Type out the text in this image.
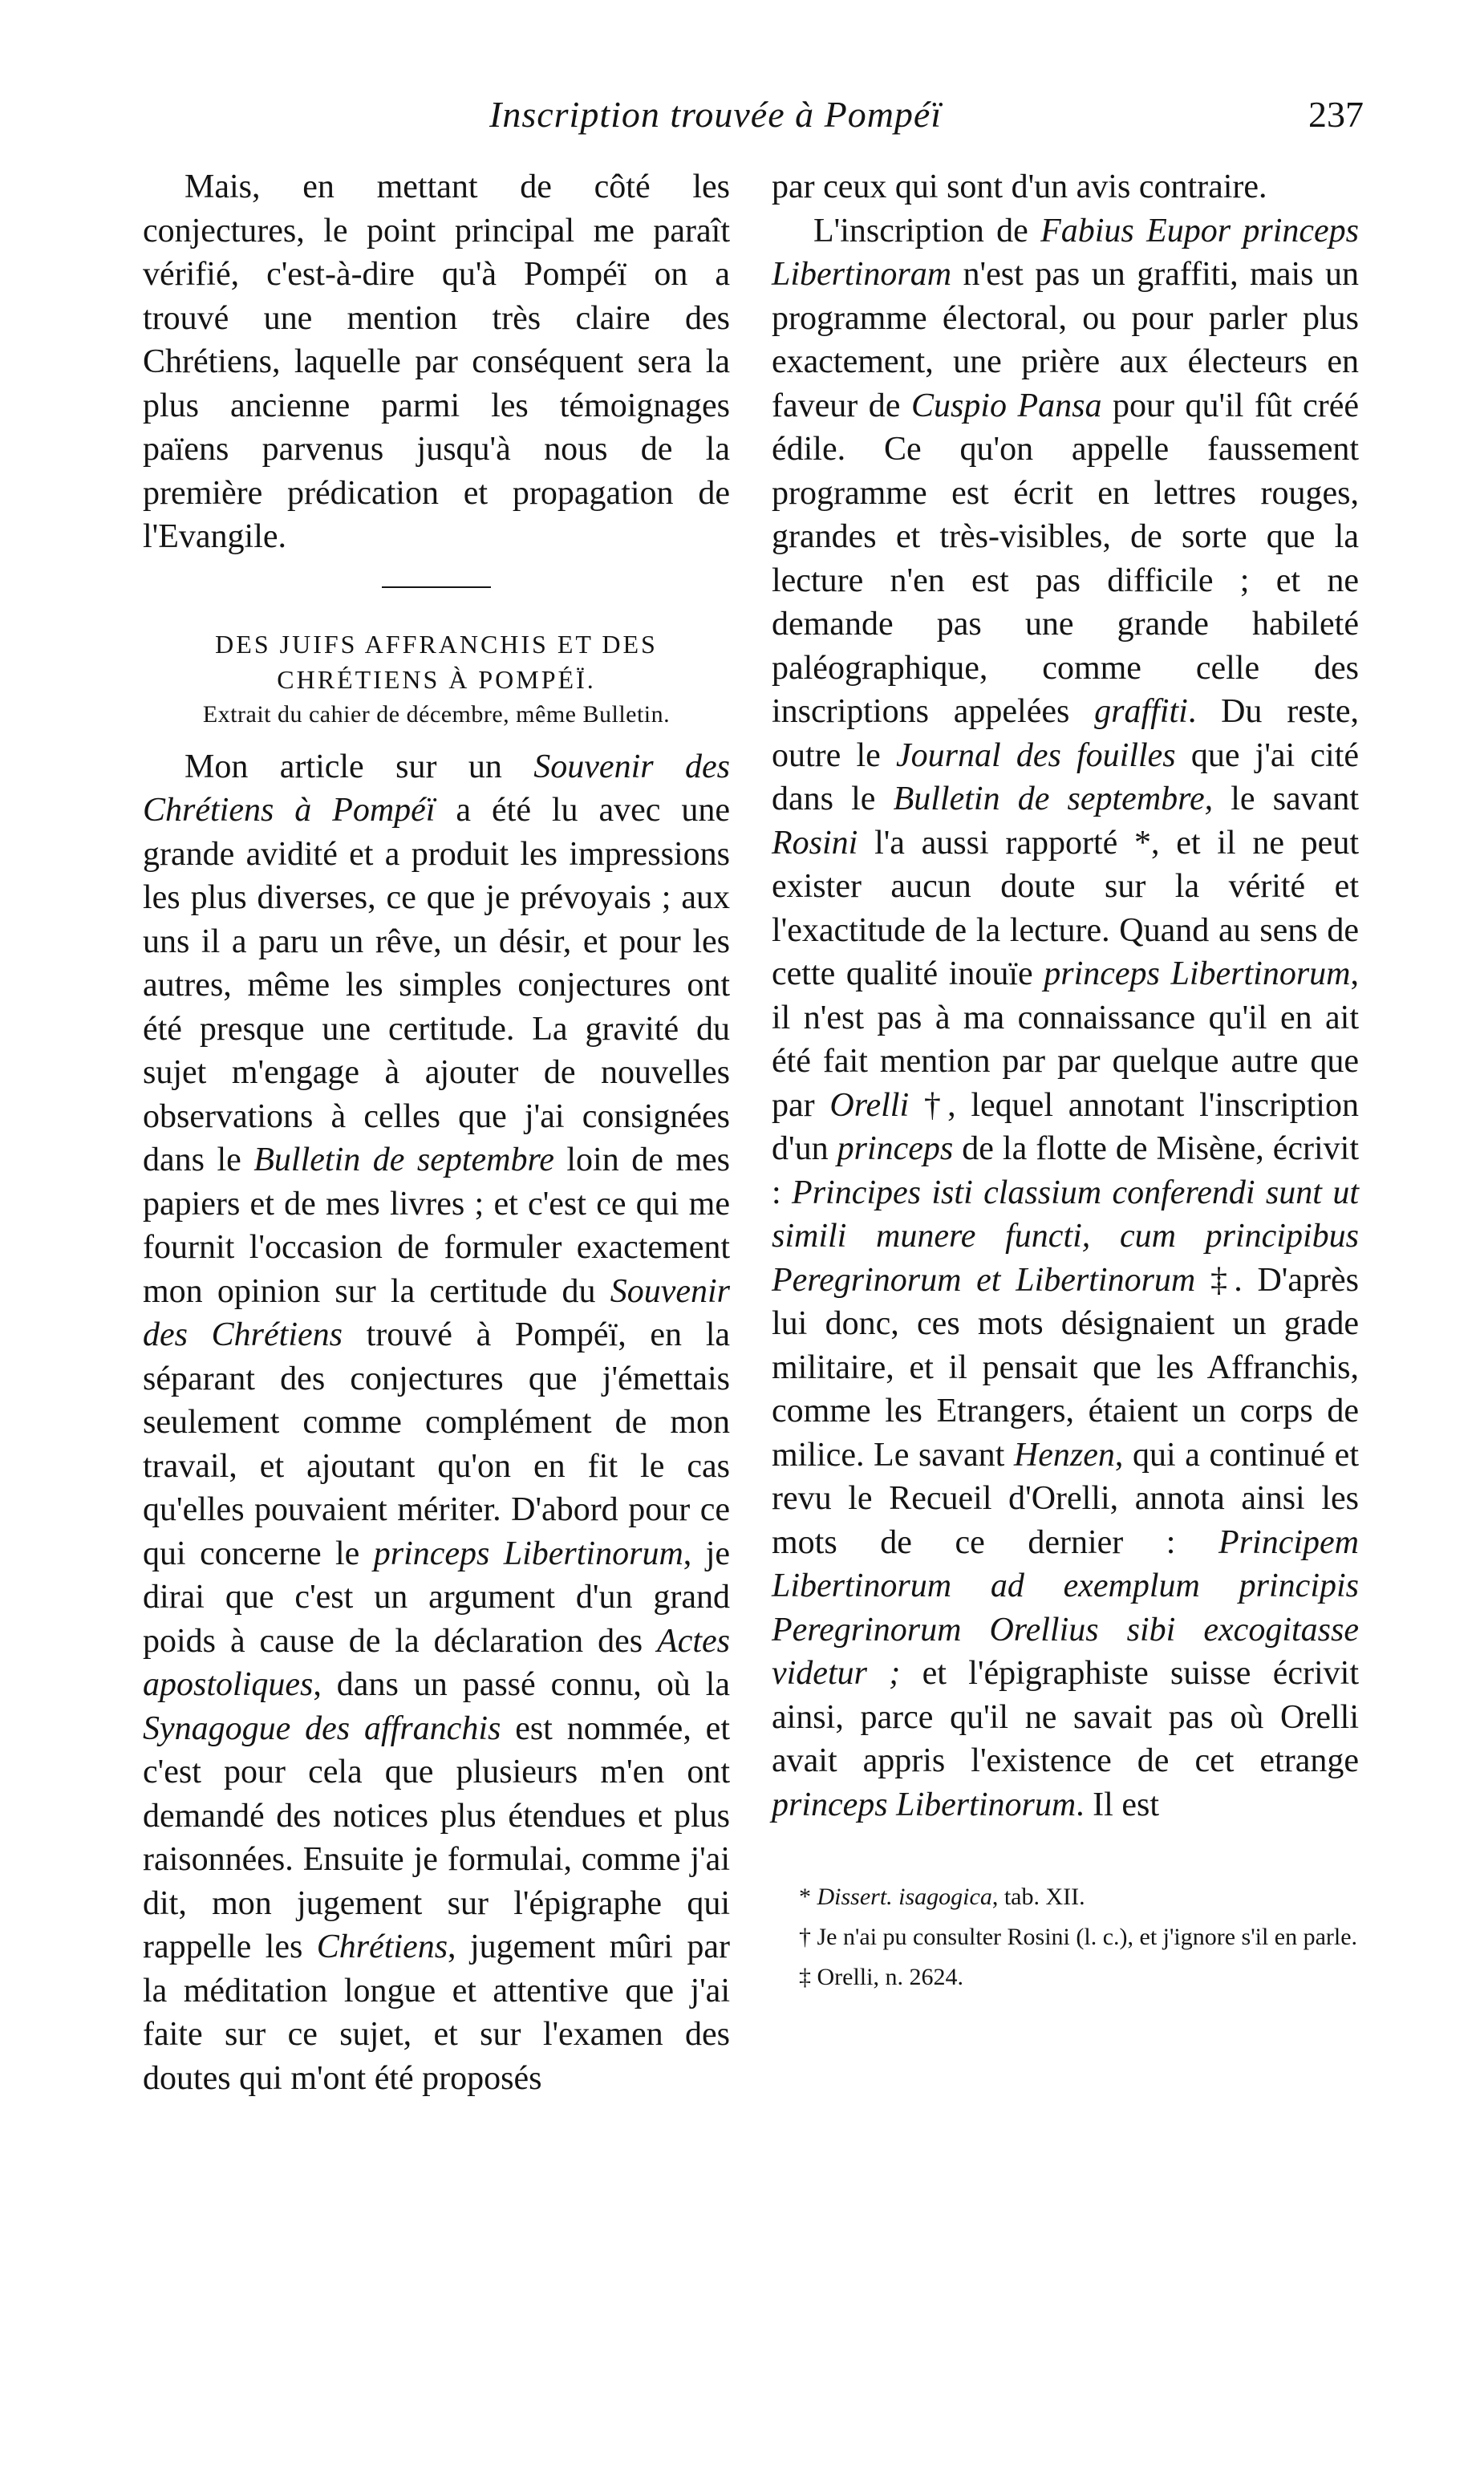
Inscription trouvée à Pompéï	237

Mais, en mettant de côté les conjectures, le point principal me paraît vérifié, c'est-à-dire qu'à Pompéï on a trouvé une mention très claire des Chrétiens, laquelle par conséquent sera la plus ancienne parmi les témoignages païens parvenus jusqu'à nous de la première prédication et propagation de l'Evangile.

DES JUIFS AFFRANCHIS ET DES

CHRÉTIENS À POMPÉÏ.

Extrait du cahier de décembre, même Bulletin.

Mon article sur un Souvenir des Chrétiens à Pompéï a été lu avec une grande avidité et a produit les impressions les plus diverses, ce que je prévoyais ; aux uns il a paru un rêve, un désir, et pour les autres, même les simples conjectures ont été presque une certitude. La gravité du sujet m'engage à ajouter de nouvelles observations à celles que j'ai consignées dans le Bulletin de septembre loin de mes papiers et de mes livres ; et c'est ce qui me fournit l'occasion de formuler exactement mon opinion sur la certitude du Souvenir des Chrétiens trouvé à Pompéï, en la séparant des conjectures que j'émettais seulement comme complément de mon travail, et ajoutant qu'on en fit le cas qu'elles pouvaient mériter. D'abord pour ce qui concerne le princeps Libertinorum, je dirai que c'est un argument d'un grand poids à cause de la déclaration des Actes apostoliques, dans un passé connu, où la Synagogue des affranchis est nommée, et c'est pour cela que plusieurs m'en ont demandé des notices plus étendues et plus raisonnées. Ensuite je formulai, comme j'ai dit, mon jugement sur l'épigraphe qui rappelle les Chrétiens, jugement mûri par la méditation longue et attentive que j'ai faite sur ce sujet, et sur l'examen des doutes qui m'ont été proposés

par ceux qui sont d'un avis contraire.

L'inscription de Fabius Eupor princeps Libertinoram n'est pas un graffiti, mais un programme électoral, ou pour parler plus exactement, une prière aux électeurs en faveur de Cuspio Pansa pour qu'il fût créé édile. Ce qu'on appelle faussement programme est écrit en lettres rouges, grandes et très-visibles, de sorte que la lecture n'en est pas difficile ; et ne demande pas une grande habileté paléographique, comme celle des inscriptions appelées graffiti. Du reste, outre le Journal des fouilles que j'ai cité dans le Bulletin de septembre, le savant Rosini l'a aussi rapporté *, et il ne peut exister aucun doute sur la vérité et l'exactitude de la lecture. Quand au sens de cette qualité inouïe princeps Libertinorum, il n'est pas à ma connaissance qu'il en ait été fait mention par par quelque autre que par Orelli †, lequel annotant l'inscription d'un princeps de la flotte de Misène, écrivit : Principes isti classium conferendi sunt ut simili munere functi, cum principibus Peregrinorum et Libertinorum ‡. D'après lui donc, ces mots désignaient un grade militaire, et il pensait que les Affranchis, comme les Etrangers, étaient un corps de milice. Le savant Henzen, qui a continué et revu le Recueil d'Orelli, annota ainsi les mots de ce dernier : Principem Libertinorum ad exemplum principis Peregrinorum Orellius sibi excogitasse videtur ; et l'épigraphiste suisse écrivit ainsi, parce qu'il ne savait pas où Orelli avait appris l'existence de cet etrange princeps Libertinorum. Il est

* Dissert. isagogica, tab. XII.

† Je n'ai pu consulter Rosini (l. c.), et j'ignore s'il en parle.

‡ Orelli, n. 2624.
